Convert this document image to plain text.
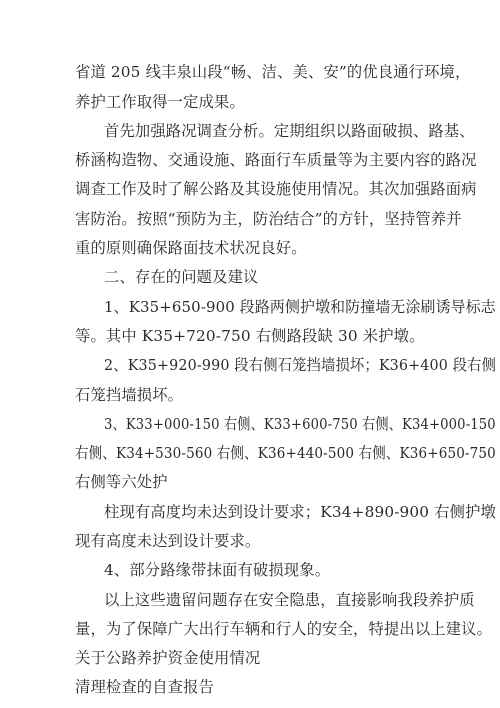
省道 205 线丰泉山段“畅、洁、美、安”的优良通行环境，
养护工作取得一定成果。
首先加强路况调查分析。定期组织以路面破损、路基、
桥涵构造物、交通设施、路面行车质量等为主要内容的路况
调查工作及时了解公路及其设施使用情况。其次加强路面病
害防治。按照“预防为主，防治结合”的方针，坚持管养并
重的原则确保路面技术状况良好。
二、存在的问题及建议
1、K35+650-900 段路两侧护墩和防撞墙无涂刷诱导标志
等。其中 K35+720-750 右侧路段缺 30 米护墩。
2、K35+920-990 段右侧石笼挡墙损坏；K36+400 段右侧
石笼挡墙损坏。
3、K33+000-150 右侧、K33+600-750 右侧、K34+000-150
右侧、K34+530-560 右侧、K36+440-500 右侧、K36+650-750
右侧等六处护
柱现有高度均未达到设计要求；K34+890-900 右侧护墩
现有高度未达到设计要求。
4、部分路缘带抹面有破损现象。
以上这些遗留问题存在安全隐患，直接影响我段养护质
量，为了保障广大出行车辆和行人的安全，特提出以上建议。
关于公路养护资金使用情况
清理检查的自查报告
